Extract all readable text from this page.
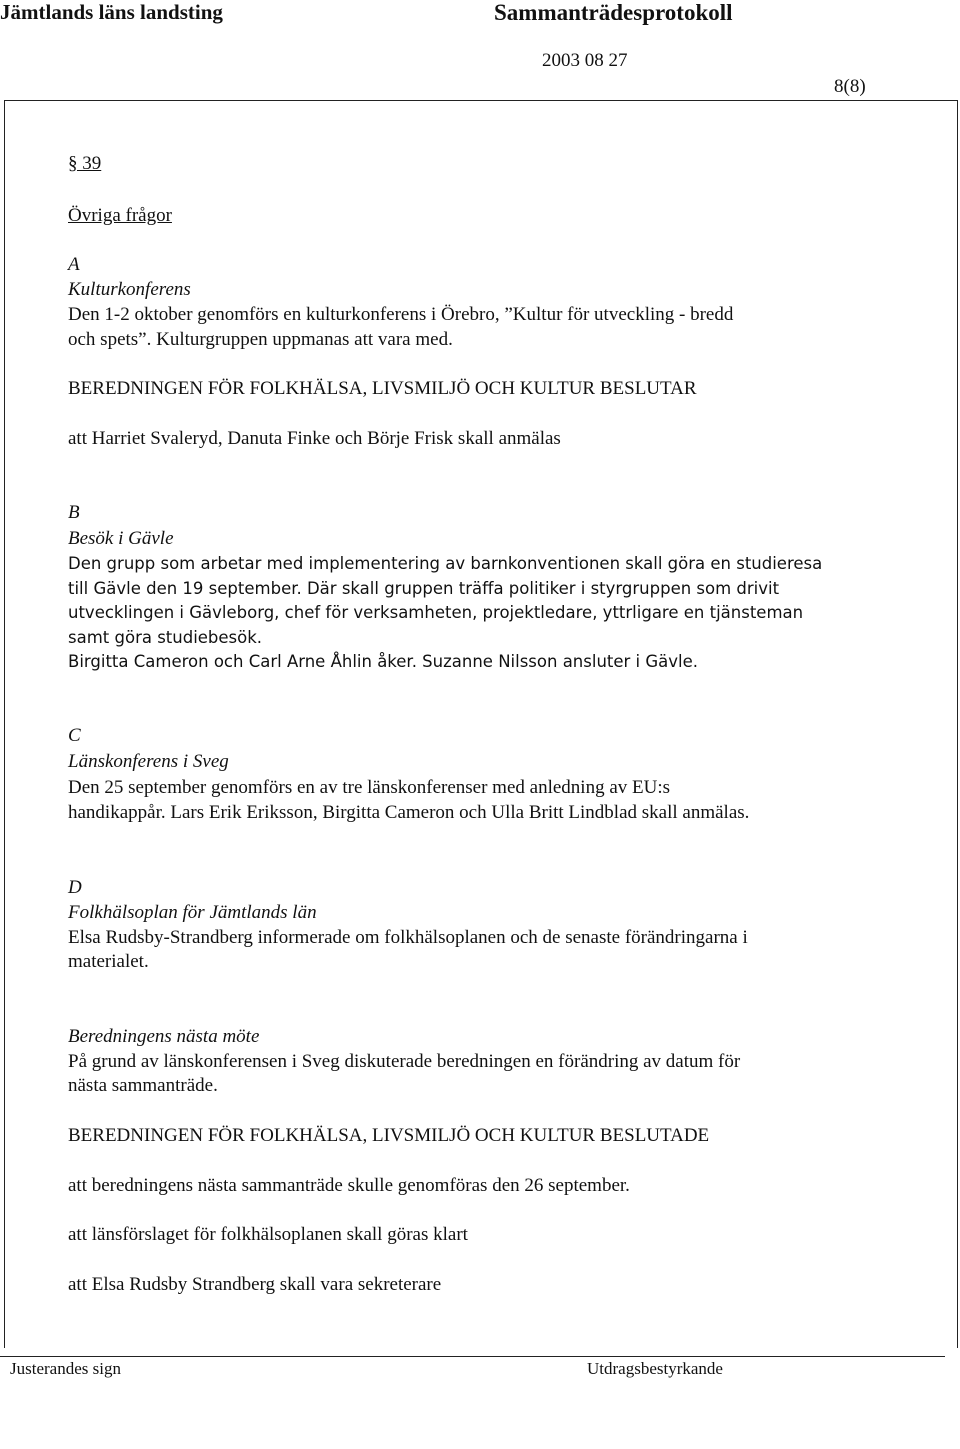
Jämtlands läns landsting	Sammanträdesprotokoll
2003 08 27
8(8)
§ 39
Övriga frågor
A
Kulturkonferens
Den 1-2 oktober genomförs en kulturkonferens i Örebro, ”Kultur för utveckling - bredd
och spets”. Kulturgruppen uppmanas att vara med.
BEREDNINGEN FÖR FOLKHÄLSA, LIVSMILJÖ OCH KULTUR BESLUTAR
att Harriet Svaleryd, Danuta Finke och Börje Frisk skall anmälas
B
Besök i Gävle
Den grupp som arbetar med implementering av barnkonventionen skall göra en studieresa
till Gävle den 19 september. Där skall gruppen träffa politiker i styrgruppen som drivit
utvecklingen i Gävleborg, chef för verksamheten, projektledare, yttrligare en tjänsteman
samt göra studiebesök.
Birgitta Cameron och Carl Arne Åhlin åker. Suzanne Nilsson ansluter i Gävle.
C
Länskonferens i Sveg
Den 25 september genomförs en av tre länskonferenser med anledning av EU:s
handikappår. Lars Erik Eriksson, Birgitta Cameron och Ulla Britt Lindblad skall anmälas.
D
Folkhälsoplan för Jämtlands län
Elsa Rudsby-Strandberg informerade om folkhälsoplanen och de senaste förändringarna i
materialet.
Beredningens nästa möte
På grund av länskonferensen i Sveg diskuterade beredningen en förändring av datum för
nästa sammanträde.
BEREDNINGEN FÖR FOLKHÄLSA, LIVSMILJÖ OCH KULTUR BESLUTADE
att beredningens nästa sammanträde skulle genomföras den 26 september.
att länsförslaget för folkhälsoplanen skall göras klart
att Elsa Rudsby Strandberg skall vara sekreterare
Justerandes sign	Utdragsbestyrkande
